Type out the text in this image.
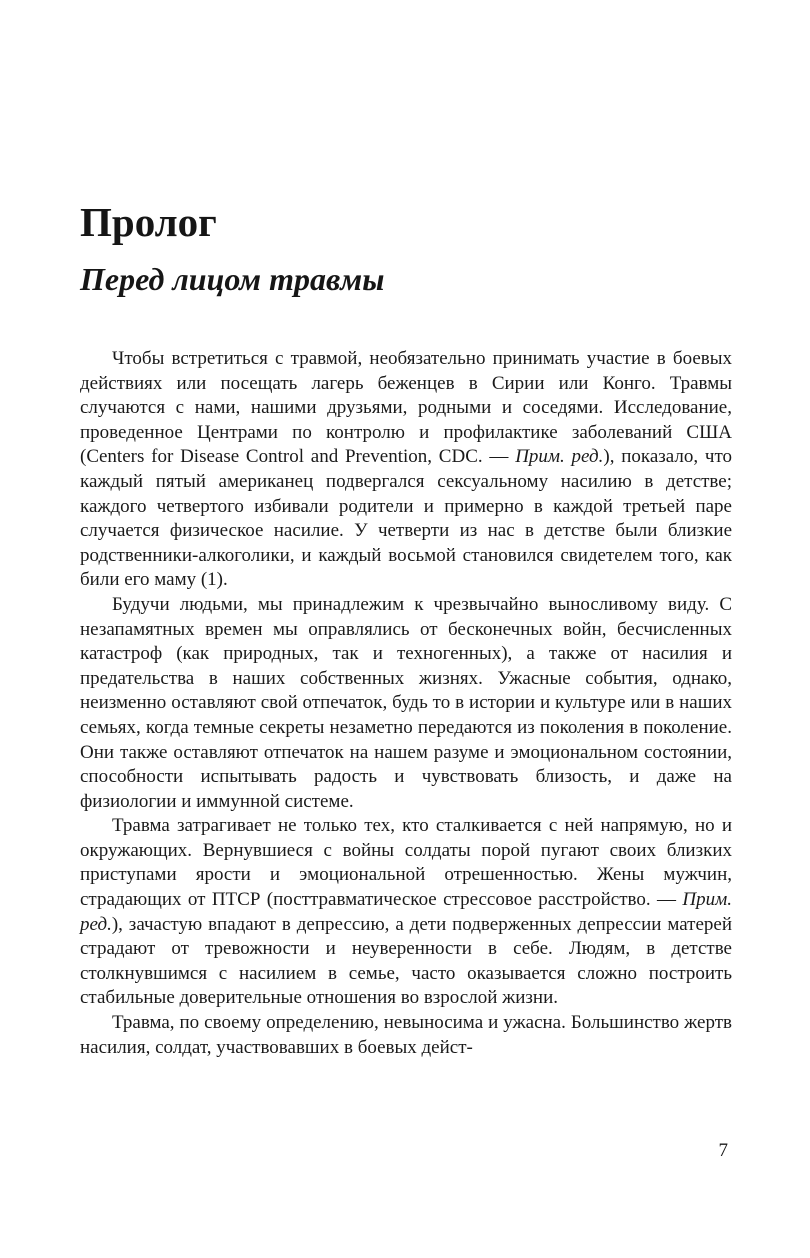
Пролог
Перед лицом травмы

Чтобы встретиться с травмой, необязательно принимать участие в боевых действиях или посещать лагерь беженцев в Сирии или Конго. Травмы случаются с нами, нашими друзьями, родными и соседями. Исследование, проведенное Центрами по контролю и профилактике заболеваний США (Centers for Disease Control and Prevention, CDC. — Прим. ред.), показало, что каждый пятый американец подвергался сексуальному насилию в детстве; каждого четвертого избивали родители и примерно в каждой третьей паре случается физическое насилие. У четверти из нас в детстве были близкие родственники-алкоголики, и каждый восьмой становился свидетелем того, как били его маму (1).

Будучи людьми, мы принадлежим к чрезвычайно выносливому виду. С незапамятных времен мы оправлялись от бесконечных войн, бесчисленных катастроф (как природных, так и техногенных), а также от насилия и предательства в наших собственных жизнях. Ужасные события, однако, неизменно оставляют свой отпечаток, будь то в истории и культуре или в наших семьях, когда темные секреты незаметно передаются из поколения в поколение. Они также оставляют отпечаток на нашем разуме и эмоциональном состоянии, способности испытывать радость и чувствовать близость, и даже на физиологии и иммунной системе.

Травма затрагивает не только тех, кто сталкивается с ней напрямую, но и окружающих. Вернувшиеся с войны солдаты порой пугают своих близких приступами ярости и эмоциональной отрешенностью. Жены мужчин, страдающих от ПТСР (посттравматическое стрессовое расстройство. — Прим. ред.), зачастую впадают в депрессию, а дети подверженных депрессии матерей страдают от тревожности и неуверенности в себе. Людям, в детстве столкнувшимся с насилием в семье, часто оказывается сложно построить стабильные доверительные отношения во взрослой жизни.

Травма, по своему определению, невыносима и ужасна. Большинство жертв насилия, солдат, участвовавших в боевых дейст-

7
